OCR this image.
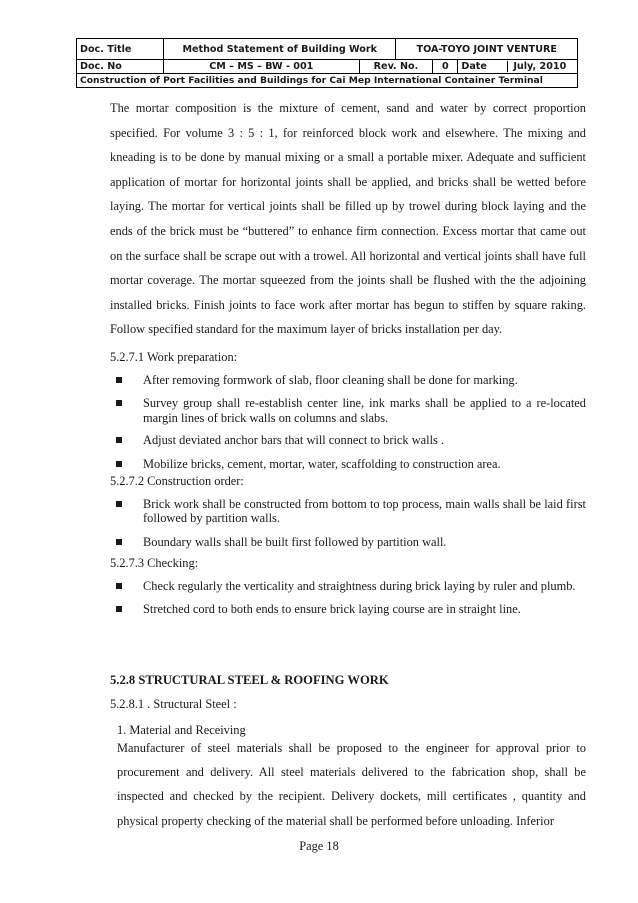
Doc. Title	Method Statement of Building Work		TOA-TOYO JOINT VENTURE		
Doc. No	CM – MS – BW - 001	Rev. No.		0	Date July, 2010
Construction of Port Facilities and Buildings for Cai Mep International Container Terminal					
The mortar composition is the mixture of cement, sand and water by correct proportion specified. For volume 3 : 5 : 1, for reinforced block work and elsewhere. The mixing and kneading is to be done by manual mixing or a small a portable mixer. Adequate and sufficient application of mortar for horizontal joints shall be applied, and bricks shall be wetted before laying. The mortar for vertical joints shall be filled up by trowel during block laying and the ends of the brick must be “buttered” to enhance firm connection. Excess mortar that came out on the surface shall be scrape out with a trowel. All horizontal and vertical joints shall have full mortar coverage. The mortar squeezed from the joints shall be flushed with the the adjoining installed bricks. Finish joints to face work after mortar has begun to stiffen by square raking. Follow specified standard for the maximum layer of bricks installation per day.
5.2.7.1 Work preparation:
After removing formwork of slab, floor cleaning shall be done for marking.
Survey group shall re-establish center line, ink marks shall be applied to a re-located margin lines of brick walls on columns and slabs.
Adjust deviated anchor bars that will connect to brick walls .
Mobilize bricks, cement, mortar, water, scaffolding to construction area.
5.2.7.2 Construction order:
Brick work shall be constructed from bottom to top process, main walls shall be laid first followed by partition walls.
Boundary walls shall be built first followed by partition wall.
5.2.7.3 Checking:
Check regularly the verticality and straightness during brick laying by ruler and plumb.
Stretched cord to both ends to ensure brick laying course are in straight line.
5.2.8 STRUCTURAL STEEL & ROOFING WORK
5.2.8.1 . Structural Steel :
1. Material and Receiving
Manufacturer of steel materials shall be proposed to the engineer for approval prior to procurement and delivery. All steel materials delivered to the fabrication shop, shall be inspected and checked by the recipient. Delivery dockets, mill certificates , quantity and physical property checking of the material shall be performed before unloading. Inferior
Page 18
